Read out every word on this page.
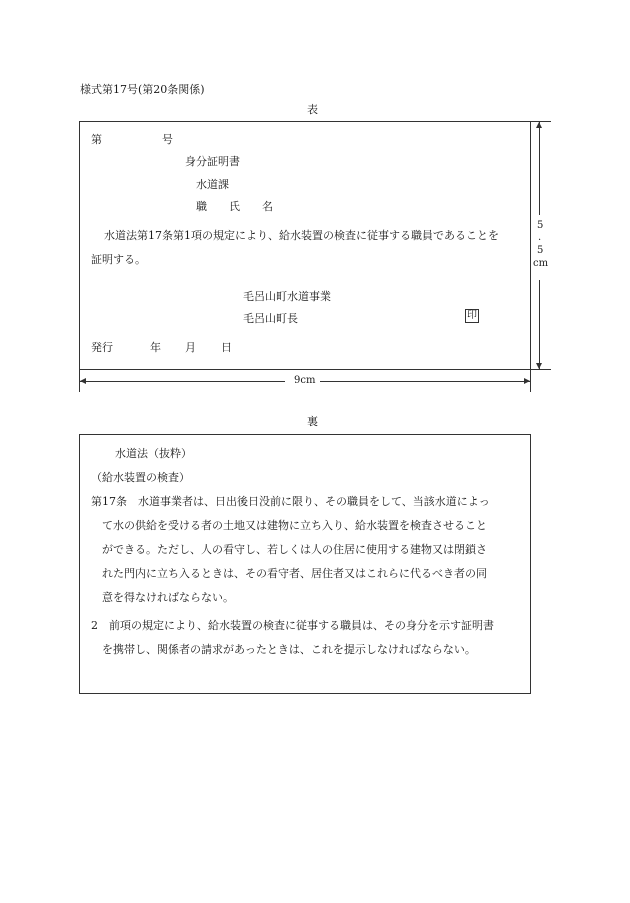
様式第17号(第20条関係)
表
第	号
身分証明書
水道課
職　　氏　　名
水道法第17条第1項の規定により、給水装置の検査に従事する職員であることを
証明する。
毛呂山町水道事業
毛呂山町長	印
発行	年 月 日
9cm
5
.
5
cm
裏
水道法（抜粋）
（給水装置の検査）
第17条　水道事業者は、日出後日没前に限り、その職員をして、当該水道によっ
て水の供給を受ける者の土地又は建物に立ち入り、給水装置を検査させること
ができる。ただし、人の看守し、若しくは人の住居に使用する建物又は閉鎖さ
れた門内に立ち入るときは、その看守者、居住者又はこれらに代るべき者の同
意を得なければならない。
2　前項の規定により、給水装置の検査に従事する職員は、その身分を示す証明書
を携帯し、関係者の請求があったときは、これを提示しなければならない。
